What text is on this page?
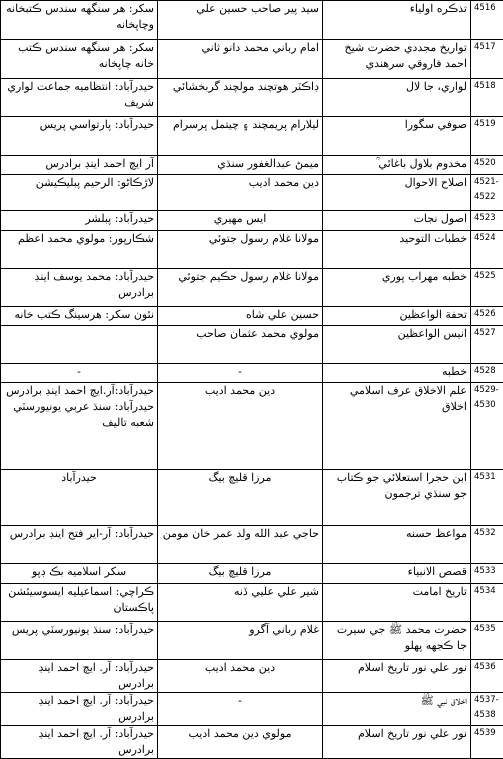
سکر: هر سنگهه سندس ڪتبخانه وچاپخانه	سيد پير صاحب حسين علي	تذڪره اولياء	4516

سکر: هر سنگهه سندس ڪتب خانه چاپخانه	امام رباني محمد دانو ثاني	تواريخ مجددي حضرت شيخ احمد فاروقي سرهندي	4517

حيدرآباد: انتظاميه جماعت لواري شريف	ڊاڪٽر هوتچند مولچند گربخشائي	لواري، جا لال	4518

حيدرآباد: پارتواسي پريس	ليلارام پريمچند ۽ چيتمل پرسرام	صوفي سگورا	4519

آر ايچ احمد اينڊ برادرس	ميمڻ عبدالغفور سنڌي	مخدوم بلاول باغائي ؒ	4520

لاڙڪاڻو: الرحيم پبليڪيشن	دين محمد اديب	اصلاح الاحوال	4521-
4522

حيدرآباد: پبلشر	ايس مهيري	اصول نجات	4523

شڪارپور: مولوي محمد اعظم	مولانا غلام رسول جتوئي	خطبات التوحيد	4524

حيدرآباد: محمد يوسف اينڊ برادرس	مولانا غلام رسول حڪيم جتوئي	خطبه مهراب پوري	4525

نئون سکر: هرسينگ ڪتب خانه	حسين علي شاه	تحفة الواعظين	4526

	مولوي محمد عثمان صاحب	انيس الواعظين	4527

-	-	خطبه	4528

حيدرآباد:آر.ايچ احمد اينڊ برادرس حيدرآباد: سنڌ عربي يونيورسٽي شعبه تاليف	دين محمد اديب	علم الاخلاق عرف اسلامي اخلاق	4529-
4530

حيدرآباد	مرزا قليچ بيگ	ابن حجرا استعلائي جو ڪتاب جو سنڌي ترجمون	4531

حيدرآباد: آر-اير فتح اينڊ برادرس	حاجي عبد الله ولد عمر خان مومن	مواعظ حسنه	4532

سکر اسلاميه بڪ ڊپو	مرزا قليچ بيگ	قصص الانبياء	4533

ڪراچي: اسماعيليه ايسوسيئشن پاڪستان	شير علي عليي ڏنه	تاريخ امامت	4534

حيدرآباد: سنڌ يونيورسٽي پريس	غلام رباني آگرو	حضرت محمد ﷺ جي سيرت جا ڪجهه پهلو	4535

حيدرآباد: آر. ايچ احمد اينڊ برادرس	دين محمد اديب	نور علي نور تاريخ اسلام	4536

حيدرآباد: آر. ايچ احمد اينڊ برادرس	-	اخلاق نبي ﷺ	4537-
4538

حيدرآباد: آر. ايچ احمد اينڊ برادرس	مولوي دين محمد اديب	نور علي نور تاريخ اسلام	4539
